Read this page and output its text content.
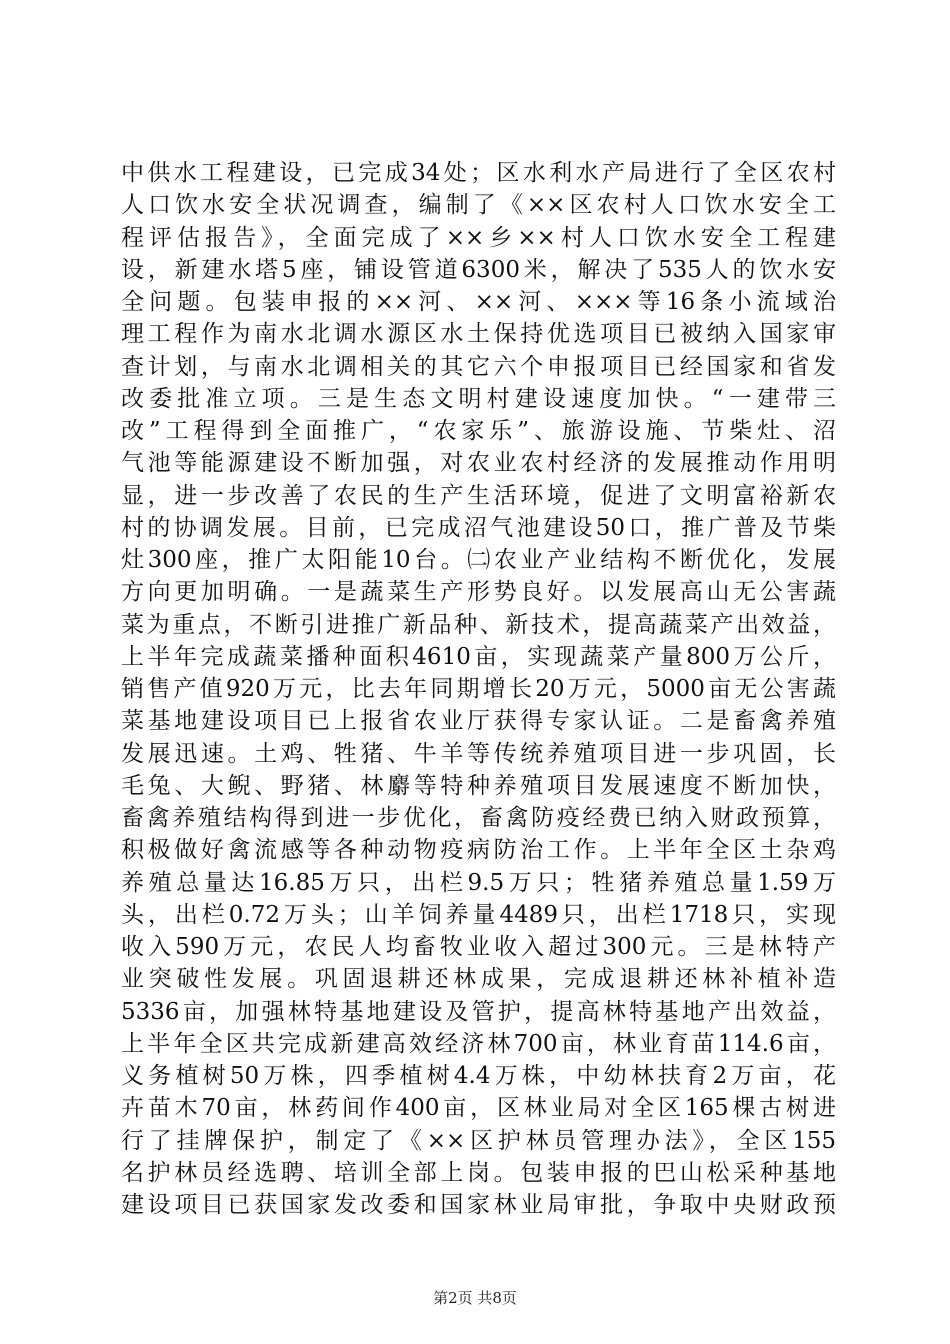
中供水工程建设，已完成34处；区水利水产局进行了全区农村
人口饮水安全状况调查，编制了《××区农村人口饮水安全工
程评估报告》，全面完成了××乡××村人口饮水安全工程建
设，新建水塔5座，铺设管道6300米，解决了535人的饮水安
全问题。包装申报的××河、××河、×××等16条小流域治
理工程作为南水北调水源区水土保持优选项目已被纳入国家审
查计划，与南水北调相关的其它六个申报项目已经国家和省发
改委批准立项。三是生态文明村建设速度加快。“一建带三
改”工程得到全面推广，“农家乐”、旅游设施、节柴灶、沼
气池等能源建设不断加强，对农业农村经济的发展推动作用明
显，进一步改善了农民的生产生活环境，促进了文明富裕新农
村的协调发展。目前，已完成沼气池建设50口，推广普及节柴
灶300座，推广太阳能10台。㈡农业产业结构不断优化，发展
方向更加明确。一是蔬菜生产形势良好。以发展高山无公害蔬
菜为重点，不断引进推广新品种、新技术，提高蔬菜产出效益，
上半年完成蔬菜播种面积4610亩，实现蔬菜产量800万公斤，
销售产值920万元，比去年同期增长20万元，5000亩无公害蔬
菜基地建设项目已上报省农业厅获得专家认证。二是畜禽养殖
发展迅速。土鸡、牲猪、牛羊等传统养殖项目进一步巩固，长
毛兔、大鲵、野猪、林麝等特种养殖项目发展速度不断加快，
畜禽养殖结构得到进一步优化，畜禽防疫经费已纳入财政预算，
积极做好禽流感等各种动物疫病防治工作。上半年全区土杂鸡
养殖总量达16.85万只，出栏9.5万只；牲猪养殖总量1.59万
头，出栏0.72万头；山羊饲养量4489只，出栏1718只，实现
收入590万元，农民人均畜牧业收入超过300元。三是林特产
业突破性发展。巩固退耕还林成果，完成退耕还林补植补造
5336亩，加强林特基地建设及管护，提高林特基地产出效益，
上半年全区共完成新建高效经济林700亩，林业育苗114.6亩，
义务植树50万株，四季植树4.4万株，中幼林扶育2万亩，花
卉苗木70亩，林药间作400亩，区林业局对全区165棵古树进
行了挂牌保护，制定了《××区护林员管理办法》，全区155
名护林员经选聘、培训全部上岗。包装申报的巴山松采种基地
建设项目已获国家发改委和国家林业局审批，争取中央财政预
第2页 共8页
